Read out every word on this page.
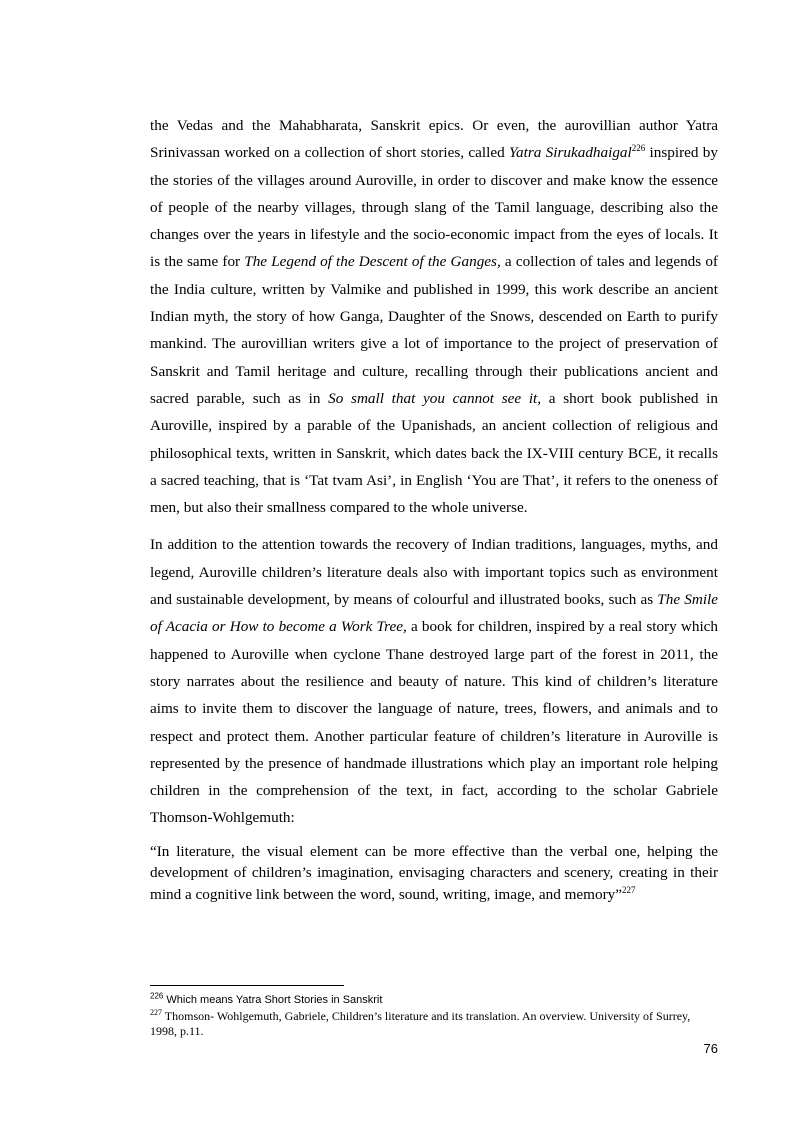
the Vedas and the Mahabharata, Sanskrit epics. Or even, the aurovillian author Yatra Srinivassan worked on a collection of short stories, called Yatra Sirukadhaigal$^{226}$ inspired by the stories of the villages around Auroville, in order to discover and make know the essence of people of the nearby villages, through slang of the Tamil language, describing also the changes over the years in lifestyle and the socio-economic impact from the eyes of locals. It is the same for The Legend of the Descent of the Ganges, a collection of tales and legends of the India culture, written by Valmike and published in 1999, this work describe an ancient Indian myth, the story of how Ganga, Daughter of the Snows, descended on Earth to purify mankind. The aurovillian writers give a lot of importance to the project of preservation of Sanskrit and Tamil heritage and culture, recalling through their publications ancient and sacred parable, such as in So small that you cannot see it, a short book published in Auroville, inspired by a parable of the Upanishads, an ancient collection of religious and philosophical texts, written in Sanskrit, which dates back the IX-VIII century BCE, it recalls a sacred teaching, that is ‘Tat tvam Asi’, in English ‘You are That’, it refers to the oneness of men, but also their smallness compared to the whole universe.

In addition to the attention towards the recovery of Indian traditions, languages, myths, and legend, Auroville children’s literature deals also with important topics such as environment and sustainable development, by means of colourful and illustrated books, such as The Smile of Acacia or How to become a Work Tree, a book for children, inspired by a real story which happened to Auroville when cyclone Thane destroyed large part of the forest in 2011, the story narrates about the resilience and beauty of nature. This kind of children’s literature aims to invite them to discover the language of nature, trees, flowers, and animals and to respect and protect them. Another particular feature of children’s literature in Auroville is represented by the presence of handmade illustrations which play an important role helping children in the comprehension of the text, in fact, according to the scholar Gabriele Thomson-Wohlgemuth:

“In literature, the visual element can be more effective than the verbal one, helping the development of children’s imagination, envisaging characters and scenery, creating in their mind a cognitive link between the word, sound, writing, image, and memory”$^{227}$

$^{226}$ Which means Yatra Short Stories in Sanskrit

$^{227}$ Thomson- Wohlgemuth, Gabriele, Children’s literature and its translation. An overview. University of Surrey, 1998, p.11.

76
